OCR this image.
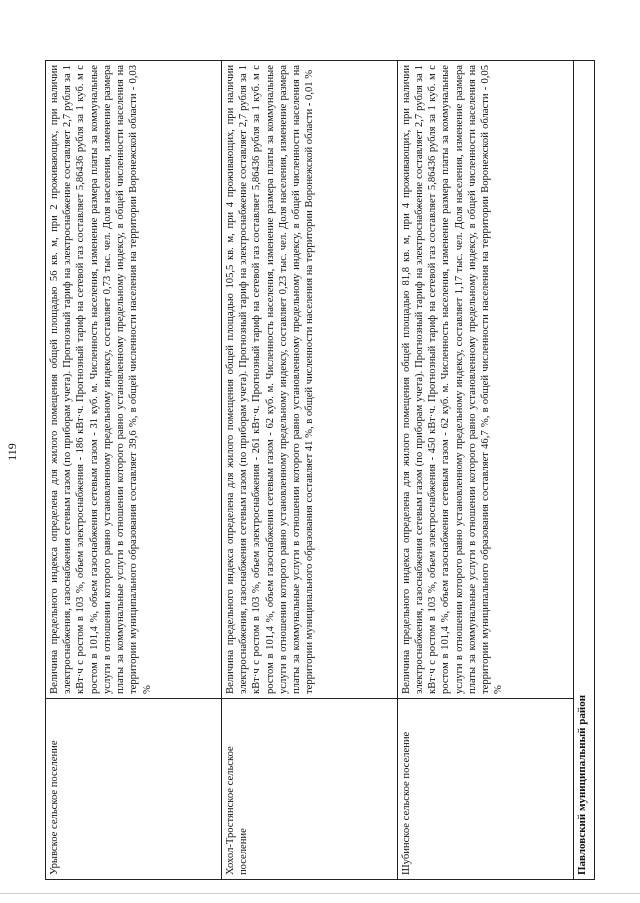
119
Урывское сельское поселение	Величина предельного индекса определена для жилого помещения общей площадью 56 кв. м, при 2 проживающих, при наличии электроснабжения, газоснабжения сетевым газом (по приборам учета). Прогнозный тариф на электроснабжение составляет 2,7 рубля за 1 кВт·ч с ростом в 103 %, объем электроснабжения - 186 кВт·ч. Прогнозный тариф на сетевой газ составляет 5,86436 рубля за 1 куб. м с ростом в 101,4 %, объем газоснабжения сетевым газом - 31 куб. м. Численность населения, изменение размера платы за коммунальные услуги в отношении которого равно установленному предельному индексу, составляет 0,73 тыс. чел. Доля населения, изменение размера платы за коммунальные услуги в отношении которого равно установленному предельному индексу, в общей численности населения на территории муниципального образования составляет 39,6 %, в общей численности населения на территории Воронежской области - 0,03 %
Хохол-Тростянское сельское поселение	Величина предельного индекса определена для жилого помещения общей площадью 105,5 кв. м, при 4 проживающих, при наличии электроснабжения, газоснабжения сетевым газом (по приборам учета). Прогнозный тариф на электроснабжение составляет 2,7 рубля за 1 кВт·ч с ростом в 103 %, объем электроснабжения - 261 кВт·ч. Прогнозный тариф на сетевой газ составляет 5,86436 рубля за 1 куб. м с ростом в 101,4 %, объем газоснабжения сетевым газом - 62 куб. м. Численность населения, изменение размера платы за коммунальные услуги в отношении которого равно установленному предельному индексу, составляет 0,23 тыс. чел. Доля населения, изменение размера платы за коммунальные услуги в отношении которого равно установленному предельному индексу, в общей численности населения на территории муниципального образования составляет 41 %, в общей численности населения на территории Воронежской области - 0,01 %
Шубинское сельское поселение	Величина предельного индекса определена для жилого помещения общей площадью 81,8 кв. м, при 4 проживающих, при наличии электроснабжения, газоснабжения сетевым газом (по приборам учета). Прогнозный тариф на электроснабжение составляет 2,7 рубля за 1 кВт·ч с ростом в 103 %, объем электроснабжения - 450 кВт·ч. Прогнозный тариф на сетевой газ составляет 5,86436 рубля за 1 куб. м с ростом в 101,4 %, объем газоснабжения сетевым газом - 62 куб. м. Численность населения, изменение размера платы за коммунальные услуги в отношении которого равно установленному предельному индексу, составляет 1,17 тыс. чел. Доля населения, изменение размера платы за коммунальные услуги в отношении которого равно установленному предельному индексу, в общей численности населения на территории муниципального образования составляет 46,7 %, в общей численности населения на территории Воронежской области - 0,05 %
Павловский муниципальный район	
